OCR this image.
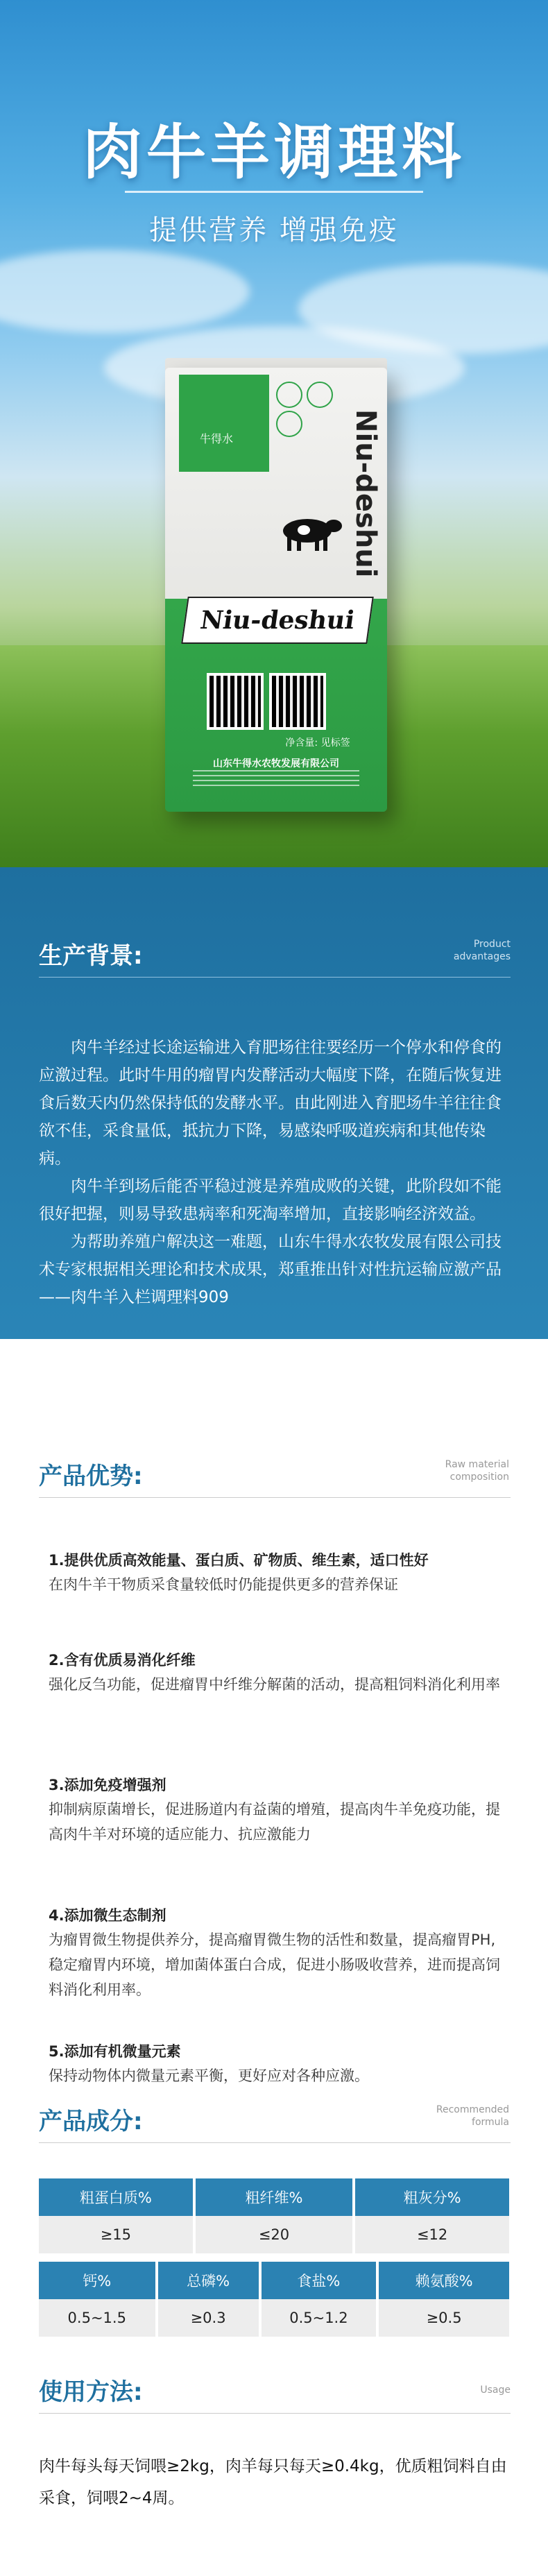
肉牛羊调理料
提供营养 增强免疫
牛得水	Niu-deshui
Niu-deshui
净含量: 见标签
山东牛得水农牧发展有限公司
生产背景:	Product
advantages

肉牛羊经过长途运输进入育肥场往往要经历一个停水和停食的应激过程。此时牛用的瘤胃内发酵活动大幅度下降，在随后恢复进食后数天内仍然保持低的发酵水平。由此刚进入育肥场牛羊往往食欲不佳，采食量低，抵抗力下降，易感染呼吸道疾病和其他传染病。

肉牛羊到场后能否平稳过渡是养殖成败的关键，此阶段如不能很好把握，则易导致患病率和死淘率增加，直接影响经济效益。

为帮助养殖户解决这一难题，山东牛得水农牧发展有限公司技术专家根据相关理论和技术成果，郑重推出针对性抗运输应激产品——肉牛羊入栏调理料909

产品优势:	Raw material
composition
1.提供优质高效能量、蛋白质、矿物质、维生素，适口性好
在肉牛羊干物质采食量较低时仍能提供更多的营养保证
2.含有优质易消化纤维
强化反刍功能，促进瘤胃中纤维分解菌的活动，提高粗饲料消化利用率
3.添加免疫增强剂
抑制病原菌增长，促进肠道内有益菌的增殖，提高肉牛羊免疫功能，提高肉牛羊对环境的适应能力、抗应激能力
4.添加微生态制剂
为瘤胃微生物提供养分，提高瘤胃微生物的活性和数量，提高瘤胃PH,稳定瘤胃内环境，增加菌体蛋白合成，促进小肠吸收营养，进而提高饲料消化利用率。
5.添加有机微量元素
保持动物体内微量元素平衡，更好应对各种应激。
产品成分:	Recommended
formula
粗蛋白质%	粗纤维%	粗灰分%
≥15	≤20	≤12
钙%	总磷%	食盐%	赖氨酸%
0.5~1.5	≥0.3	0.5~1.2	≥0.5
使用方法:	Usage
肉牛每头每天饲喂≥2kg，肉羊每只每天≥0.4kg，优质粗饲料自由采食，饲喂2~4周。
